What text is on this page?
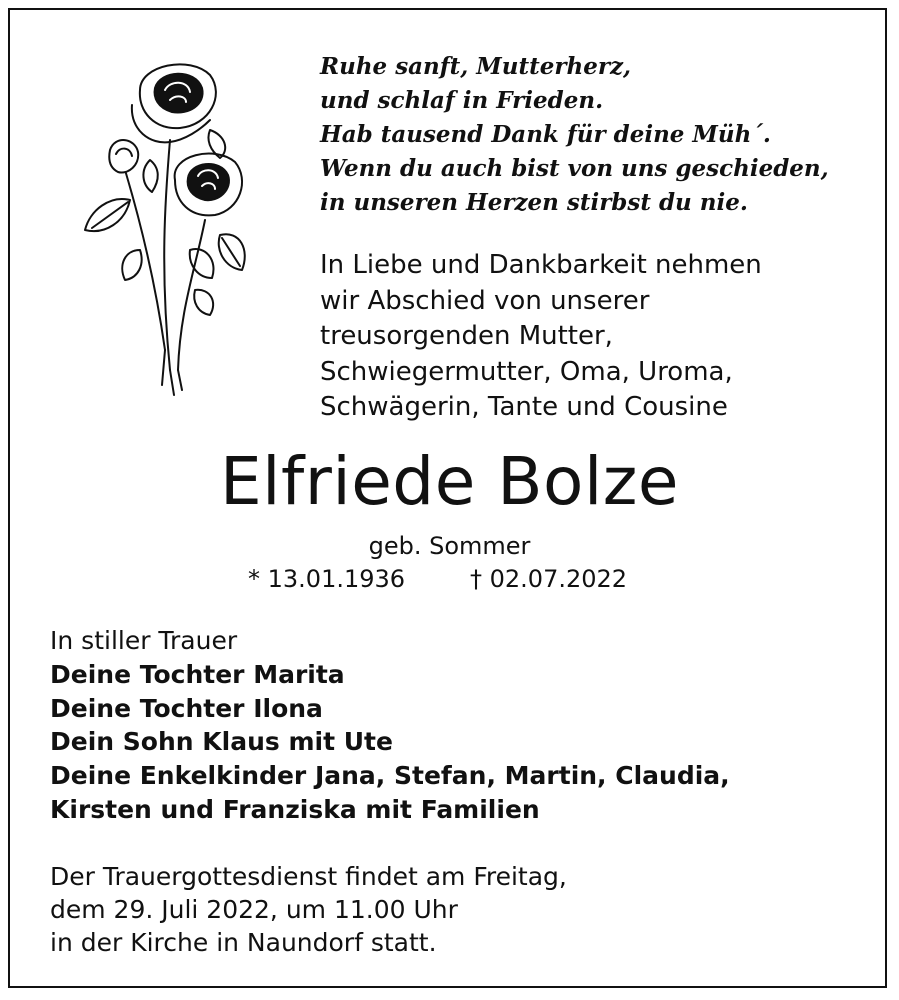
Ruhe sanft, Mutterherz,
und schlaf in Frieden.
Hab tausend Dank für deine Müh´.
Wenn du auch bist von uns geschieden,
in unseren Herzen stirbst du nie.
In Liebe und Dankbarkeit nehmen
wir Abschied von unserer
treusorgenden Mutter,
Schwiegermutter, Oma, Uroma,
Schwägerin, Tante und Cousine
Elfriede Bolze
geb. Sommer
* 13.01.1936	† 02.07.2022
In stiller Trauer
Deine Tochter Marita
Deine Tochter Ilona
Dein Sohn Klaus mit Ute
Deine Enkelkinder Jana, Stefan, Martin, Claudia,
Kirsten und Franziska mit Familien
Der Trauergottesdienst findet am Freitag,
dem 29. Juli 2022, um 11.00 Uhr
in der Kirche in Naundorf statt.
